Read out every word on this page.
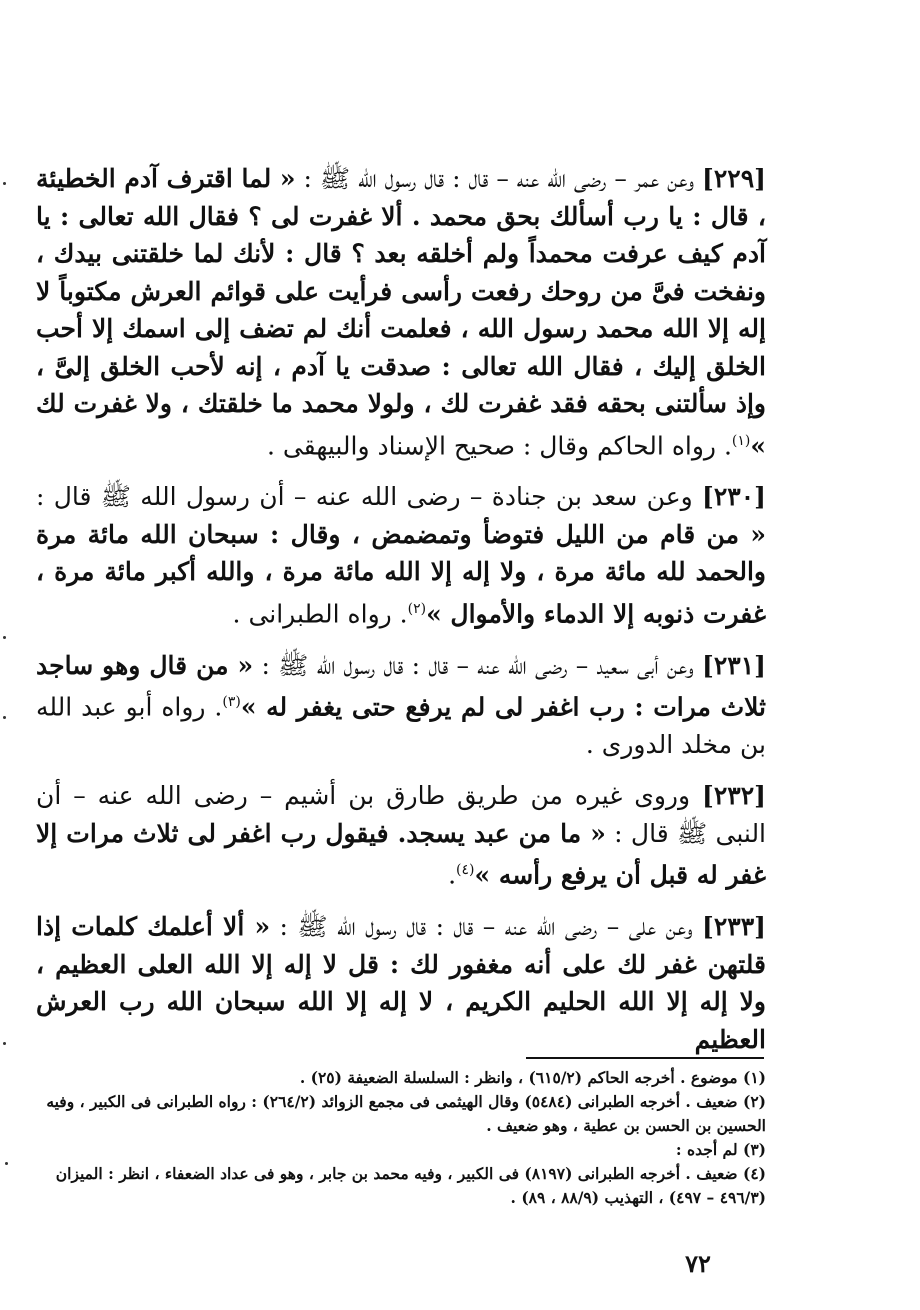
[٢٢٩] وعن عمر – رضى الله عنه – قال : قال رسول الله ﷺ : « لما اقترف آدم الخطيئة ، قال : يا رب أسألك بحق محمد . ألا غفرت لى ؟ فقال الله تعالى : يا آدم كيف عرفت محمداً ولم أخلقه بعد ؟ قال : لأنك لما خلقتنى بيدك ، ونفخت فىَّ من روحك رفعت رأسى فرأيت على قوائم العرش مكتوباً لا إله إلا الله محمد رسول الله ، فعلمت أنك لم تضف إلى اسمك إلا أحب الخلق إليك ، فقال الله تعالى : صدقت يا آدم ، إنه لأحب الخلق إلىَّ ، وإذ سألتنى بحقه فقد غفرت لك ، ولولا محمد ما خلقتك ، ولا غفرت لك »$^{(١)}$. رواه الحاكم وقال : صحيح الإسناد والبيهقى .

[٢٣٠] وعن سعد بن جنادة – رضى الله عنه – أن رسول الله ﷺ قال : « من قام من الليل فتوضأ وتمضمض ، وقال : سبحان الله مائة مرة والحمد لله مائة مرة ، ولا إله إلا الله مائة مرة ، والله أكبر مائة مرة ، غفرت ذنوبه إلا الدماء والأموال »$^{(٢)}$. رواه الطبرانى .

[٢٣١] وعن أبى سعيد – رضى الله عنه – قال : قال رسول الله ﷺ : « من قال وهو ساجد ثلاث مرات : رب اغفر لى لم يرفع حتى يغفر له »$^{(٣)}$. رواه أبو عبد الله بن مخلد الدورى .

[٢٣٢] وروى غيره من طريق طارق بن أشيم – رضى الله عنه – أن النبى ﷺ قال : « ما من عبد يسجد. فيقول رب اغفر لى ثلاث مرات إلا غفر له قبل أن يرفع رأسه »$^{(٤)}$.

[٢٣٣] وعن على – رضى الله عنه – قال : قال رسول الله ﷺ : « ألا أعلمك كلمات إذا قلتهن غفر لك على أنه مغفور لك : قل لا إله إلا الله العلى العظيم ، ولا إله إلا الله الحليم الكريم ، لا إله إلا الله سبحان الله رب العرش العظيم

(١) موضوع . أخرجه الحاكم (٦١٥/٢) ، وانظر : السلسلة الضعيفة (٢٥) .

(٢) ضعيف . أخرجه الطبرانى (٥٤٨٤) وقال الهيثمى فى مجمع الزوائد (٢٦٤/٢) : رواه الطبرانى فى الكبير ، وفيه الحسين بن الحسن بن عطية ، وهو ضعيف .

(٣) لم أجده :

(٤) ضعيف . أخرجه الطبرانى (٨١٩٧) فى الكبير ، وفيه محمد بن جابر ، وهو فى عداد الضعفاء ، انظر : الميزان (٤٩٦/٣ – ٤٩٧) ، التهذيب (٨٨/٩ ، ٨٩) .

٧٢
